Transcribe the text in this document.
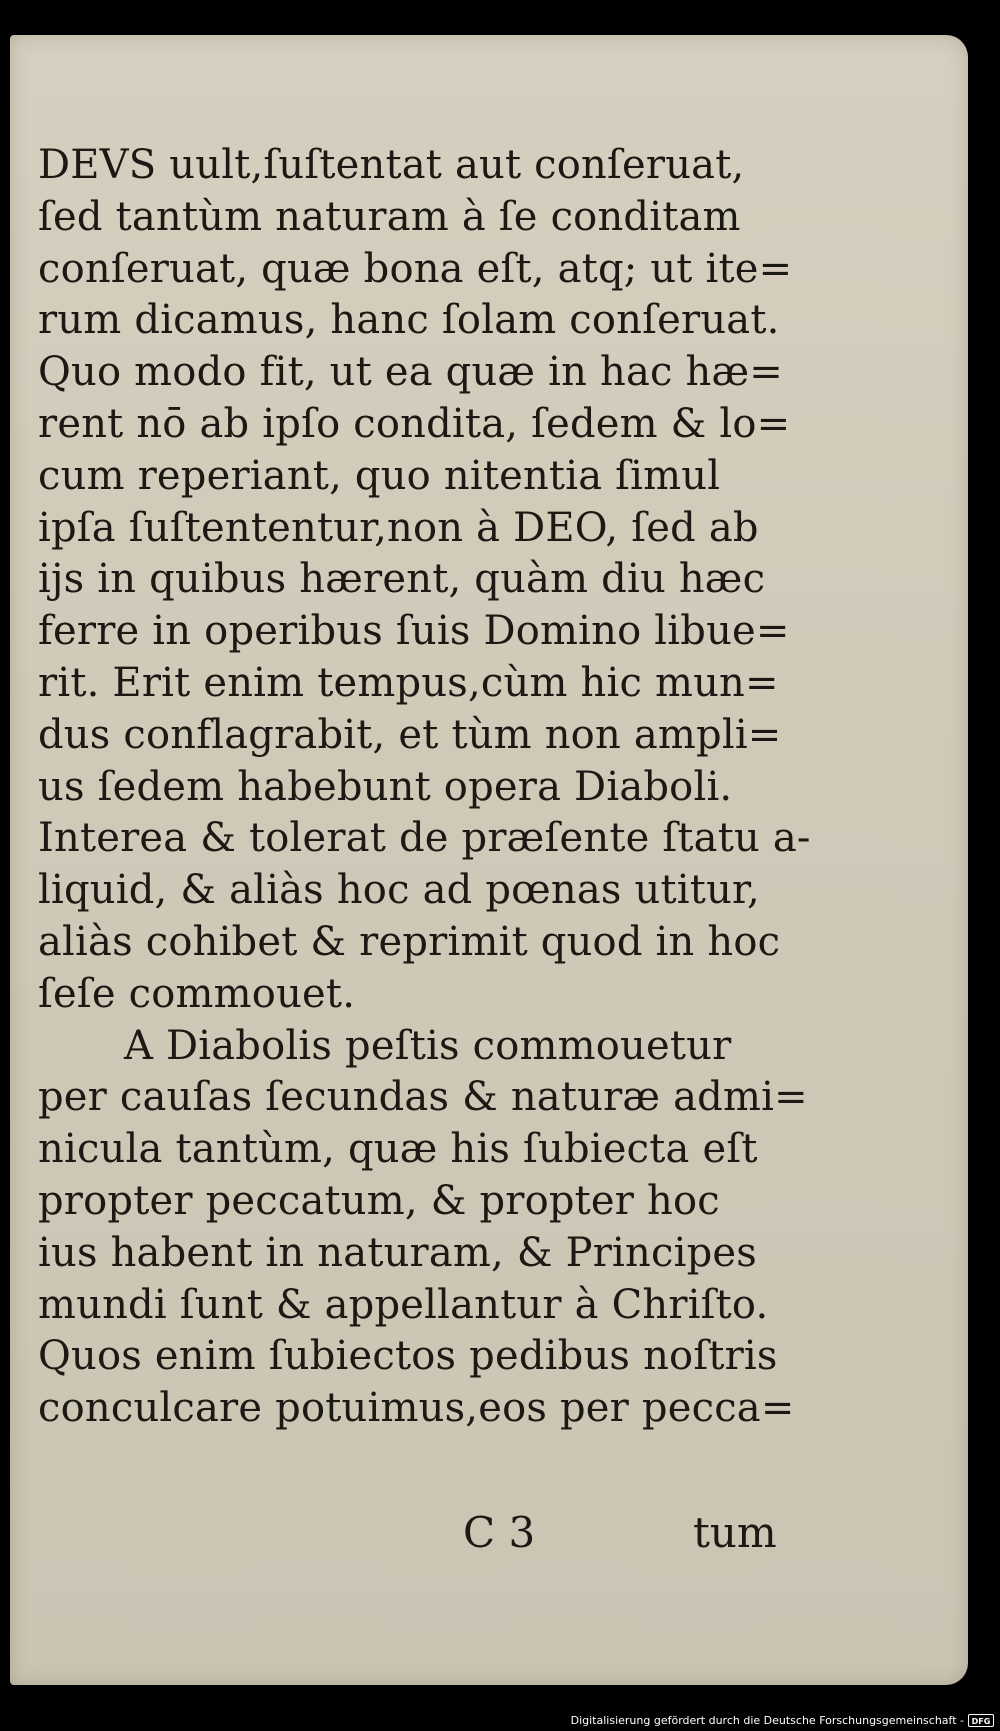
DEVS uult,ſuſtentat aut conſeruat,
ſed tantùm naturam à ſe conditam
conſeruat, quæ bona eſt, atq; ut ite=
rum dicamus, hanc ſolam conſeruat.
Quo modo fit, ut ea quæ in hac hæ=
rent nō ab ipſo condita, ſedem & lo=
cum reperiant, quo nitentia ſimul
ipſa ſuſtententur,non à DEO, ſed ab
ijs in quibus hærent, quàm diu hæc
ferre in operibus ſuis Domino libue=
rit. Erit enim tempus,cùm hic mun=
dus conflagrabit, et tùm non ampli=
us ſedem habebunt opera Diaboli.
Interea & tolerat de præſente ſtatu a-
liquid, & aliàs hoc ad pœnas utitur,
aliàs cohibet & reprimit quod in hoc
ſeſe commouet.
A Diabolis peſtis commouetur
per cauſas ſecundas & naturæ admi=
nicula tantùm, quæ his ſubiecta eſt
propter peccatum, & propter hoc
ius habent in naturam, & Principes
mundi ſunt & appellantur à Chriſto.
Quos enim ſubiectos pedibus noſtris
conculcare potuimus,eos per pecca=
C 3	tum
Digitalisierung gefördert durch die Deutsche Forschungsgemeinschaft - DFG
